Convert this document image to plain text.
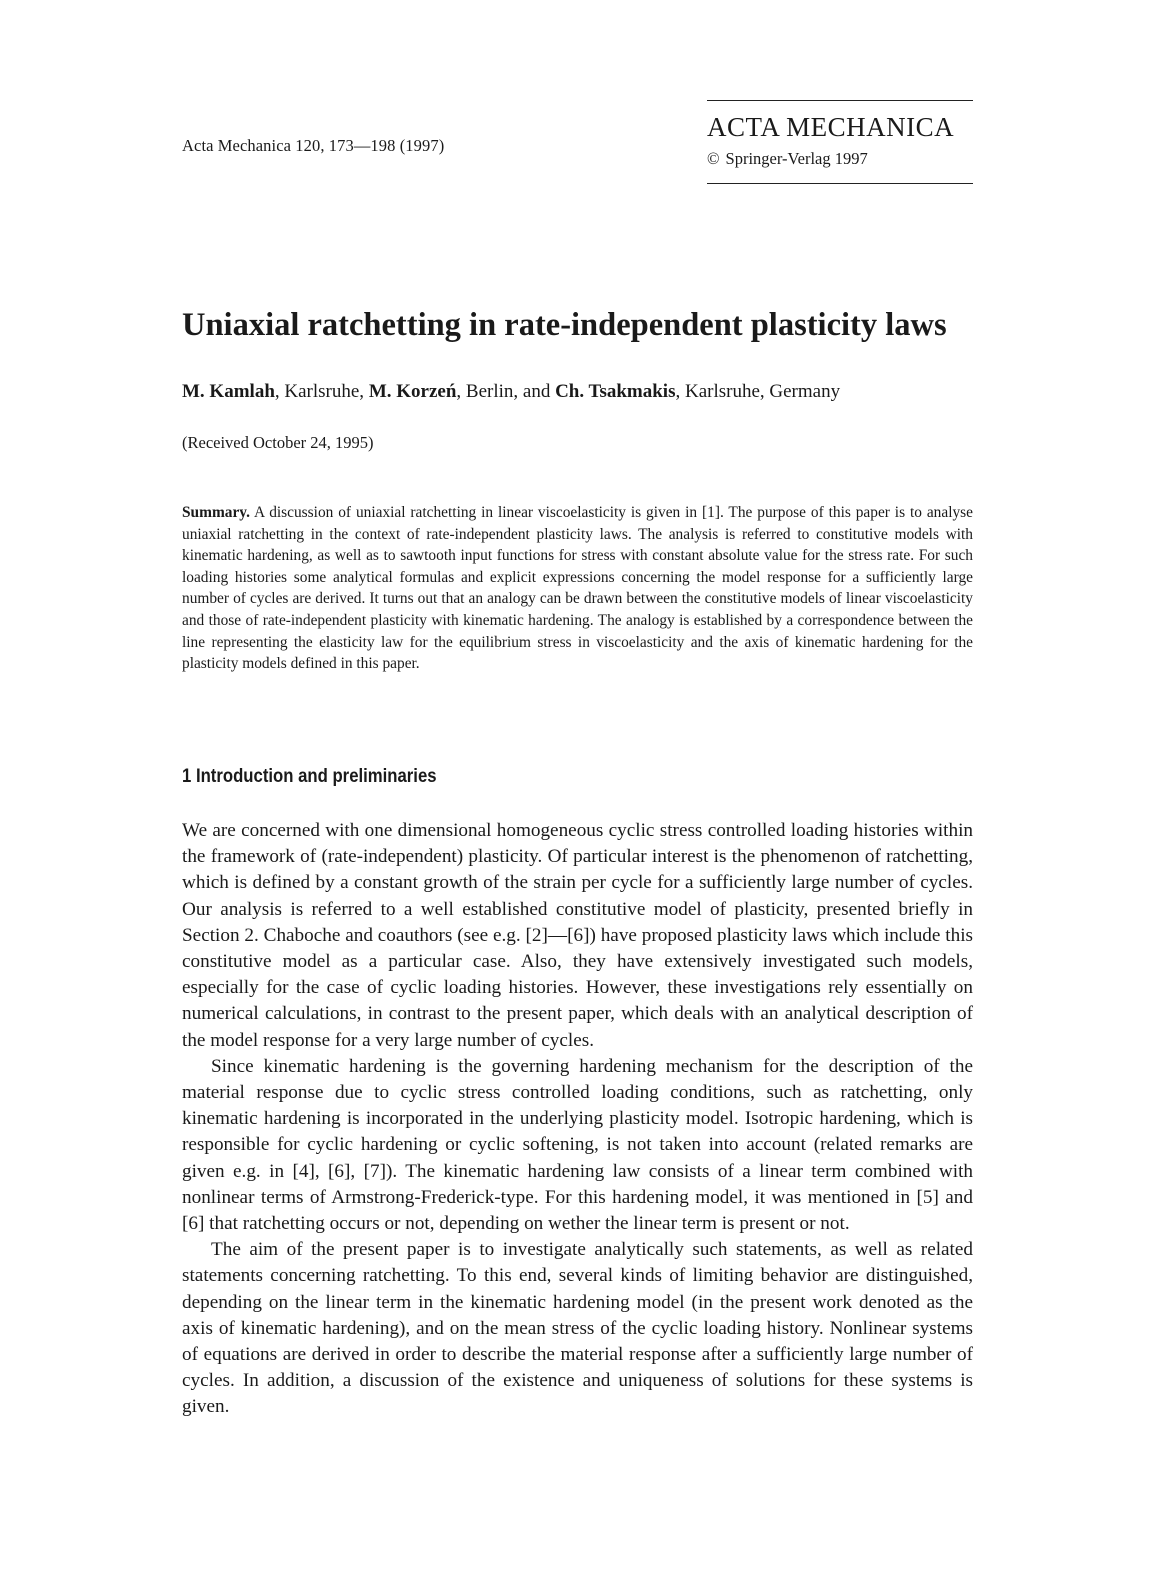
Acta Mechanica 120, 173—198 (1997)
ACTA MECHANICA
© Springer-Verlag 1997
Uniaxial ratchetting in rate-independent plasticity laws
M. Kamlah, Karlsruhe, M. Korzeń, Berlin, and Ch. Tsakmakis, Karlsruhe, Germany
(Received October 24, 1995)
Summary. A discussion of uniaxial ratchetting in linear viscoelasticity is given in [1]. The purpose of this paper is to analyse uniaxial ratchetting in the context of rate-independent plasticity laws. The analysis is referred to constitutive models with kinematic hardening, as well as to sawtooth input functions for stress with constant absolute value for the stress rate. For such loading histories some analytical formulas and explicit expressions concerning the model response for a sufficiently large number of cycles are derived. It turns out that an analogy can be drawn between the constitutive models of linear viscoelasticity and those of rate-independent plasticity with kinematic hardening. The analogy is established by a correspondence between the line representing the elasticity law for the equilibrium stress in viscoelasticity and the axis of kinematic hardening for the plasticity models defined in this paper.
1 Introduction and preliminaries

We are concerned with one dimensional homogeneous cyclic stress controlled loading histories within the framework of (rate-independent) plasticity. Of particular interest is the phenomenon of ratchetting, which is defined by a constant growth of the strain per cycle for a sufficiently large number of cycles. Our analysis is referred to a well established constitutive model of plasticity, presented briefly in Section 2. Chaboche and coauthors (see e.g. [2]—[6]) have proposed plasticity laws which include this constitutive model as a particular case. Also, they have extensively investigated such models, especially for the case of cyclic loading histories. However, these investigations rely essentially on numerical calculations, in contrast to the present paper, which deals with an analytical description of the model response for a very large number of cycles.

Since kinematic hardening is the governing hardening mechanism for the description of the material response due to cyclic stress controlled loading conditions, such as ratchetting, only kinematic hardening is incorporated in the underlying plasticity model. Isotropic hardening, which is responsible for cyclic hardening or cyclic softening, is not taken into account (related remarks are given e.g. in [4], [6], [7]). The kinematic hardening law consists of a linear term combined with nonlinear terms of Armstrong-Frederick-type. For this hardening model, it was mentioned in [5] and [6] that ratchetting occurs or not, depending on wether the linear term is present or not.

The aim of the present paper is to investigate analytically such statements, as well as related statements concerning ratchetting. To this end, several kinds of limiting behavior are distinguished, depending on the linear term in the kinematic hardening model (in the present work denoted as the axis of kinematic hardening), and on the mean stress of the cyclic loading history. Nonlinear systems of equations are derived in order to describe the material response after a sufficiently large number of cycles. In addition, a discussion of the existence and uniqueness of solutions for these systems is given.
